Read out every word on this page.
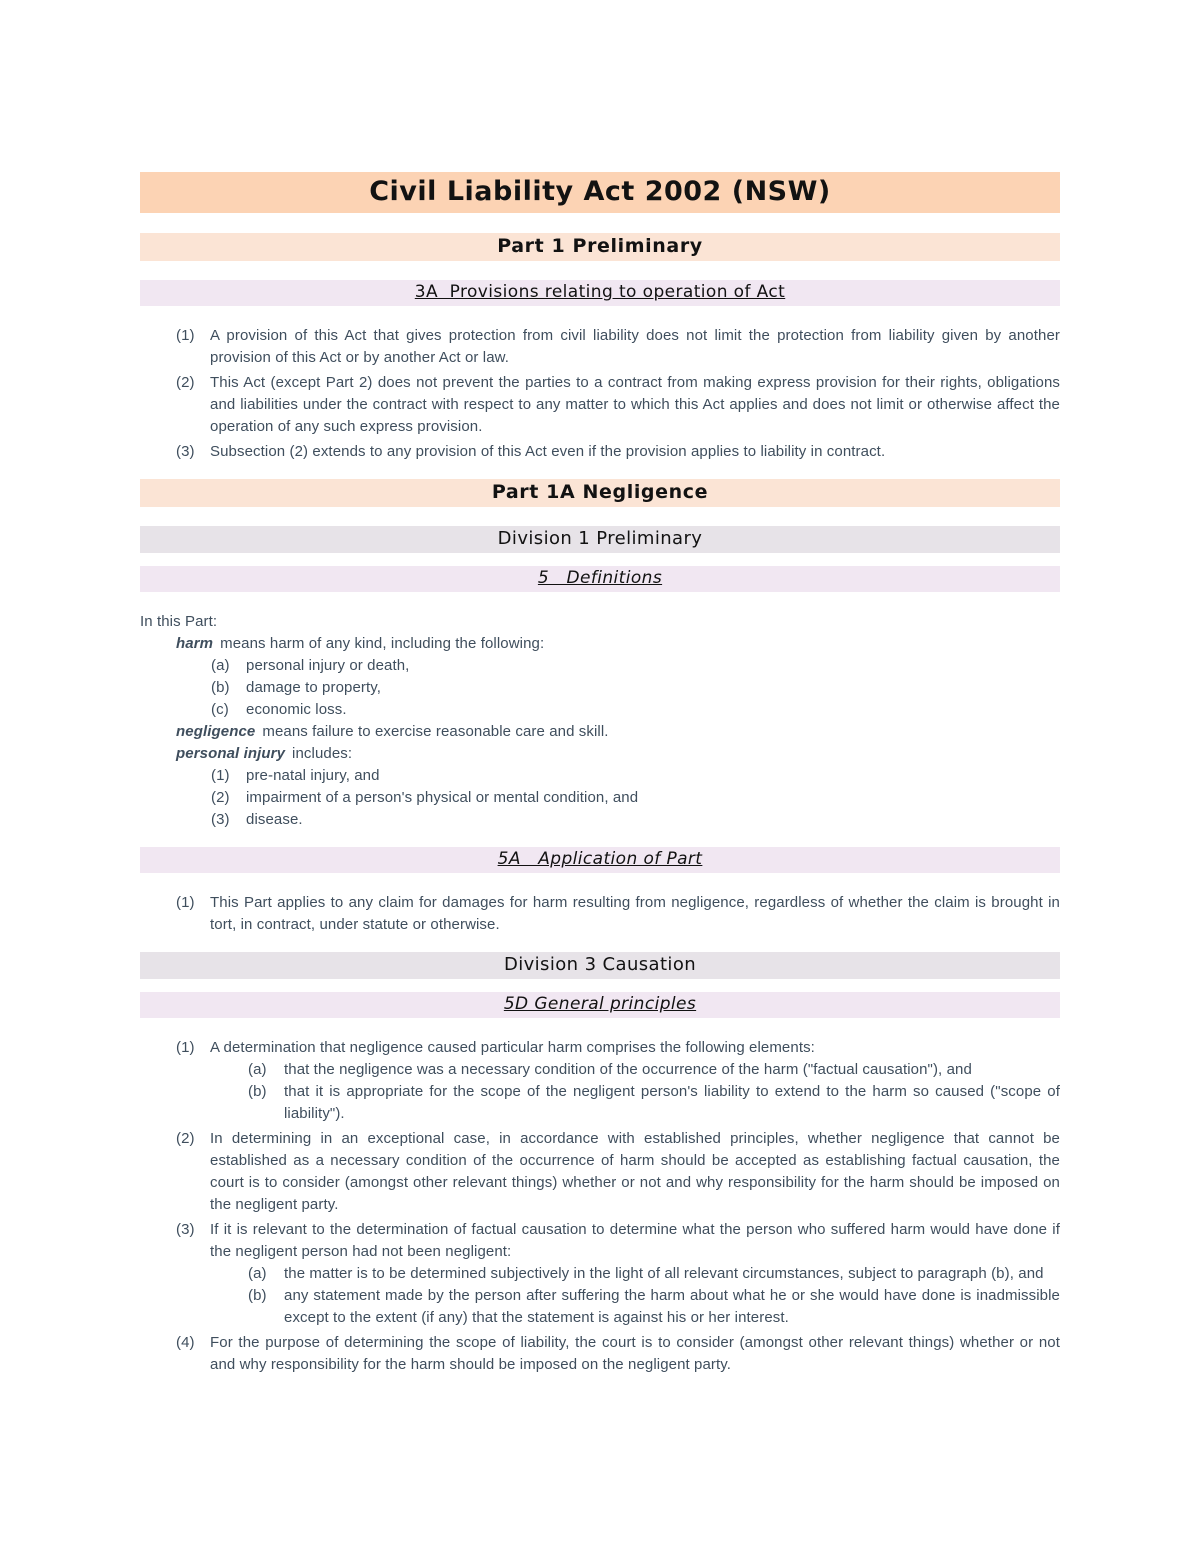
Civil Liability Act 2002 (NSW)
Part 1 Preliminary
3A  Provisions relating to operation of Act
(1)	A provision of this Act that gives protection from civil liability does not limit the protection from liability given by another provision of this Act or by another Act or law.
(2)	This Act (except Part 2) does not prevent the parties to a contract from making express provision for their rights, obligations and liabilities under the contract with respect to any matter to which this Act applies and does not limit or otherwise affect the operation of any such express provision.
(3)	Subsection (2) extends to any provision of this Act even if the provision applies to liability in contract.
Part 1A Negligence
Division 1 Preliminary
5   Definitions
In this Part:
harm means harm of any kind, including the following:
(a)	personal injury or death,
(b)	damage to property,
(c)	economic loss.
negligence means failure to exercise reasonable care and skill.
personal injury includes:
(1)	pre-natal injury, and
(2)	impairment of a person's physical or mental condition, and
(3)	disease.
5A   Application of Part
(1)	This Part applies to any claim for damages for harm resulting from negligence, regardless of whether the claim is brought in tort, in contract, under statute or otherwise.
Division 3 Causation
5D General principles
(1)	A determination that negligence caused particular harm comprises the following elements:
(a)	that the negligence was a necessary condition of the occurrence of the harm ("factual causation"), and
(b)	that it is appropriate for the scope of the negligent person's liability to extend to the harm so caused ("scope of liability").
(2)	In determining in an exceptional case, in accordance with established principles, whether negligence that cannot be established as a necessary condition of the occurrence of harm should be accepted as establishing factual causation, the court is to consider (amongst other relevant things) whether or not and why responsibility for the harm should be imposed on the negligent party.
(3)	If it is relevant to the determination of factual causation to determine what the person who suffered harm would have done if the negligent person had not been negligent:
(a)	the matter is to be determined subjectively in the light of all relevant circumstances, subject to paragraph (b), and
(b)	any statement made by the person after suffering the harm about what he or she would have done is inadmissible except to the extent (if any) that the statement is against his or her interest.
(4)	For the purpose of determining the scope of liability, the court is to consider (amongst other relevant things) whether or not and why responsibility for the harm should be imposed on the negligent party.
